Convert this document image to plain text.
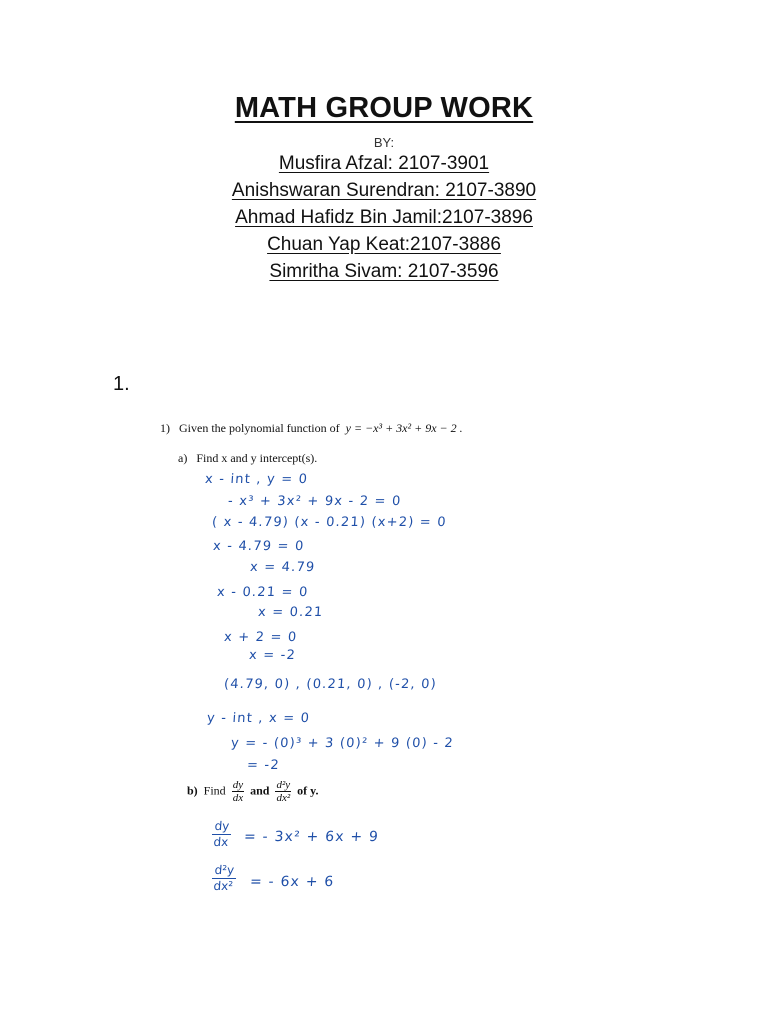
MATH GROUP WORK
BY:
Musfira Afzal: 2107-3901
Anishswaran Surendran: 2107-3890
Ahmad Hafidz Bin Jamil:2107-3896
Chuan Yap Keat:2107-3886
Simritha Sivam: 2107-3596
1.
1) Given the polynomial function of y = −x³ + 3x² + 9x − 2 .
a) Find x and y intercept(s).
x - int , y = 0
- x³ + 3x² + 9x - 2 = 0
( x - 4.79) (x - 0.21) (x+2) = 0
x - 4.79 = 0
x = 4.79
x - 0.21 = 0
x = 0.21
x + 2 = 0
x = -2
(4.79, 0) , (0.21, 0) , (-2, 0)
y - int , x = 0
y = - (0)³ + 3 (0)² + 9 (0) - 2
= -2
b) Find $\frac{dy}{dx}$ and $\frac{\text{d²y}}{\text{dx²}}$ of y.
$\frac{dy}{dx}$ = - 3x² + 6x + 9
$\frac{\text{d²y}}{\text{dx²}}$ = - 6x + 6
